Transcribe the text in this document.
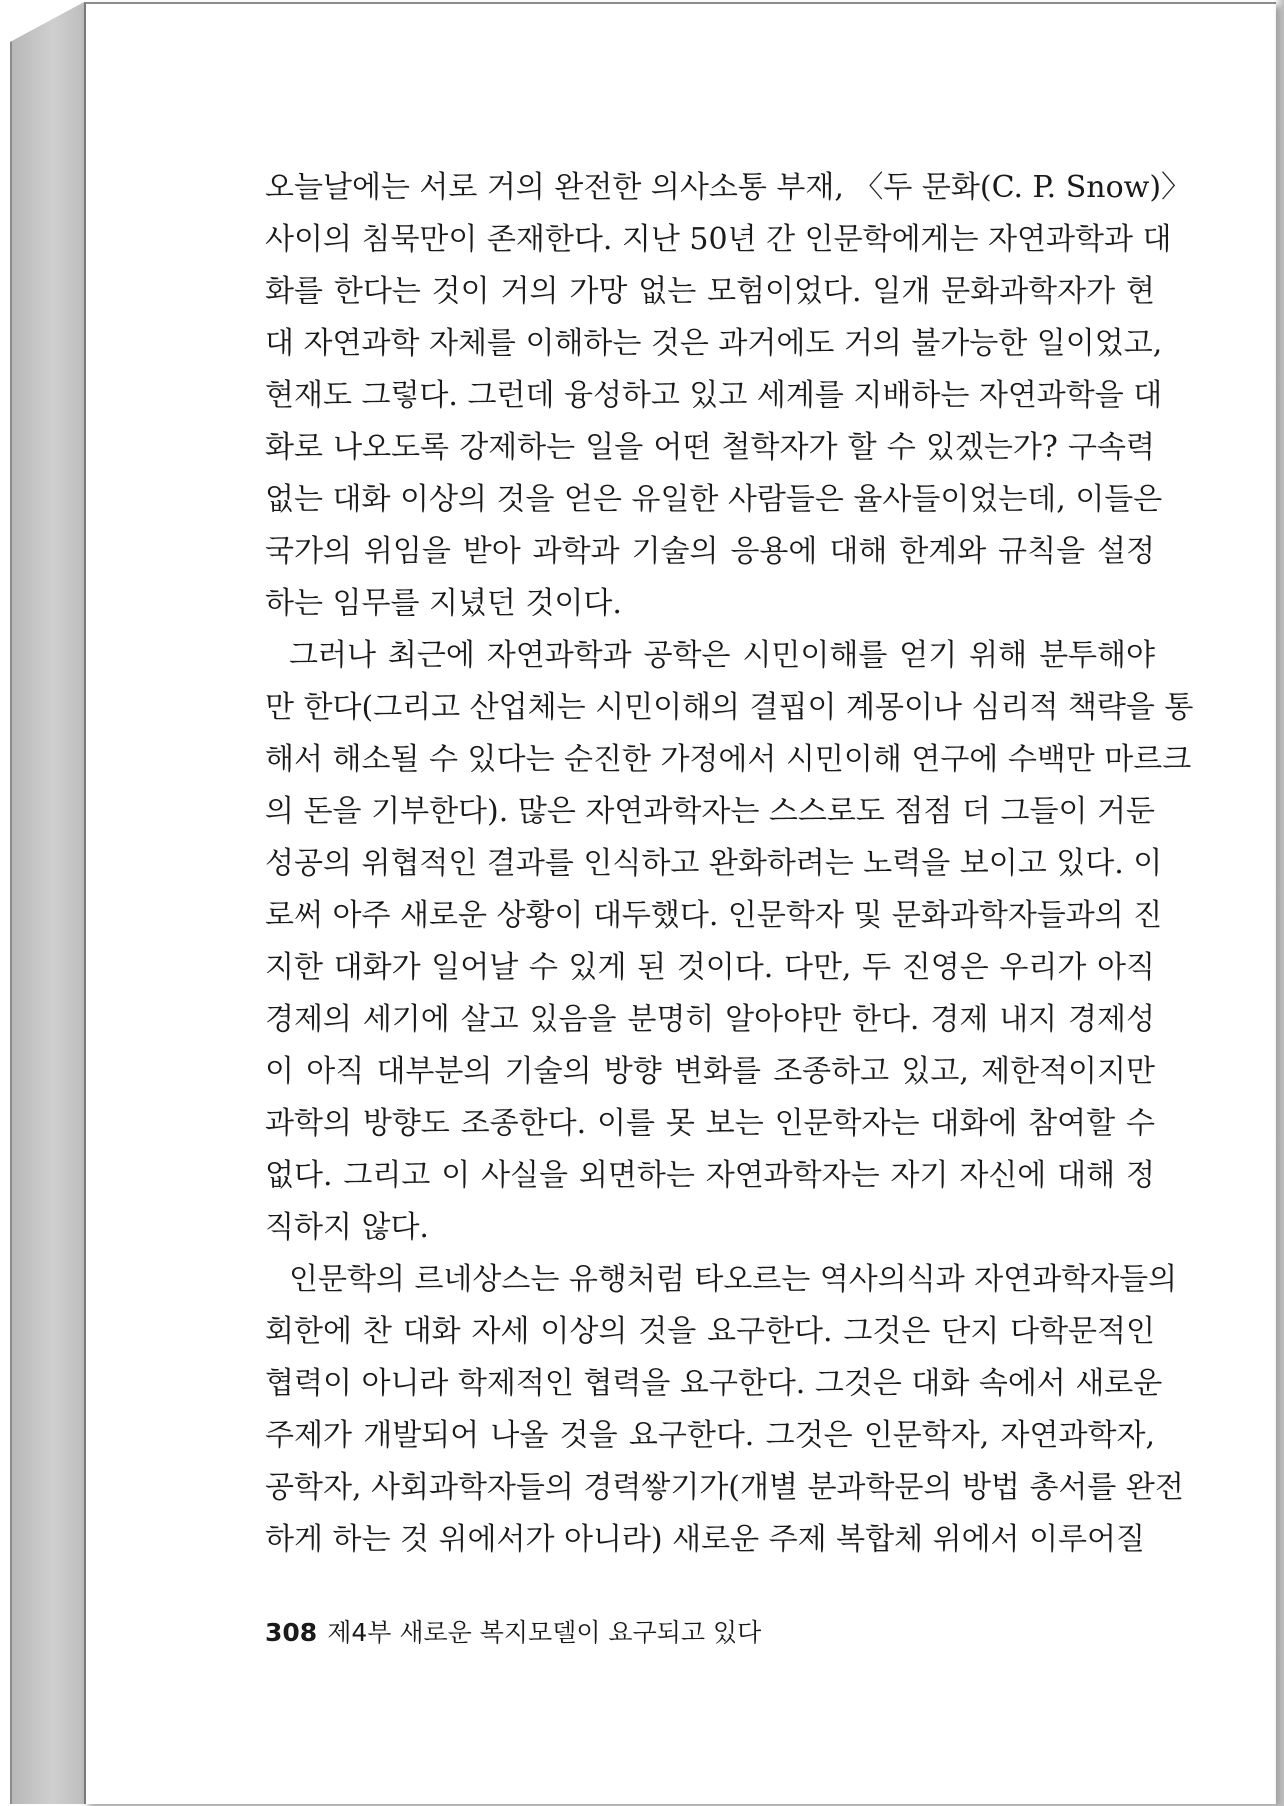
오늘날에는 서로 거의 완전한 의사소통 부재, 〈두 문화(C. P. Snow)〉
사이의 침묵만이 존재한다. 지난 50년 간 인문학에게는 자연과학과 대
화를 한다는 것이 거의 가망 없는 모험이었다. 일개 문화과학자가 현
대 자연과학 자체를 이해하는 것은 과거에도 거의 불가능한 일이었고,
현재도 그렇다. 그런데 융성하고 있고 세계를 지배하는 자연과학을 대
화로 나오도록 강제하는 일을 어떤 철학자가 할 수 있겠는가? 구속력
없는 대화 이상의 것을 얻은 유일한 사람들은 율사들이었는데, 이들은
국가의 위임을 받아 과학과 기술의 응용에 대해 한계와 규칙을 설정
하는 임무를 지녔던 것이다.
그러나 최근에 자연과학과 공학은 시민이해를 얻기 위해 분투해야
만 한다(그리고 산업체는 시민이해의 결핍이 계몽이나 심리적 책략을 통
해서 해소될 수 있다는 순진한 가정에서 시민이해 연구에 수백만 마르크
의 돈을 기부한다). 많은 자연과학자는 스스로도 점점 더 그들이 거둔
성공의 위협적인 결과를 인식하고 완화하려는 노력을 보이고 있다. 이
로써 아주 새로운 상황이 대두했다. 인문학자 및 문화과학자들과의 진
지한 대화가 일어날 수 있게 된 것이다. 다만, 두 진영은 우리가 아직
경제의 세기에 살고 있음을 분명히 알아야만 한다. 경제 내지 경제성
이 아직 대부분의 기술의 방향 변화를 조종하고 있고, 제한적이지만
과학의 방향도 조종한다. 이를 못 보는 인문학자는 대화에 참여할 수
없다. 그리고 이 사실을 외면하는 자연과학자는 자기 자신에 대해 정
직하지 않다.
인문학의 르네상스는 유행처럼 타오르는 역사의식과 자연과학자들의
회한에 찬 대화 자세 이상의 것을 요구한다. 그것은 단지 다학문적인
협력이 아니라 학제적인 협력을 요구한다. 그것은 대화 속에서 새로운
주제가 개발되어 나올 것을 요구한다. 그것은 인문학자, 자연과학자,
공학자, 사회과학자들의 경력쌓기가(개별 분과학문의 방법 총서를 완전
하게 하는 것 위에서가 아니라) 새로운 주제 복합체 위에서 이루어질
308 제4부 새로운 복지모델이 요구되고 있다
